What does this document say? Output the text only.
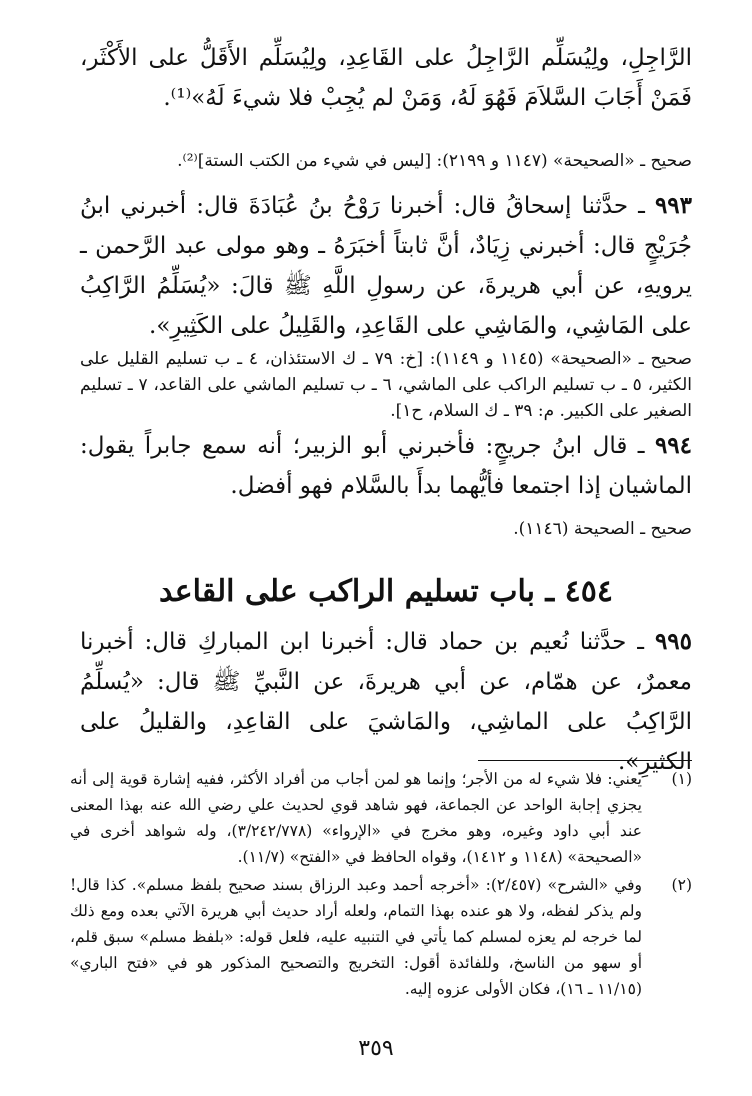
الرَّاجِلِ، ولِيُسَلِّم الرَّاجِلُ على القَاعِدِ، ولِيُسَلِّم الأَقَلُّ على الأَكْثَر، فَمَنْ أَجَابَ السَّلاَمَ فَهُوَ لَهُ، وَمَنْ لم يُجِبْ فلا شيءَ لَهُ»⁽¹⁾.
صحيح ـ «الصحيحة» (١١٤٧ و ٢١٩٩): [ليس في شيء من الكتب الستة]⁽²⁾.
٩٩٣ ـ حدَّثنا إسحاقُ قال: أخبرنا رَوْحُ بنُ عُبَادَةَ قال: أخبرني ابنُ جُرَيْجٍ قال: أخبرني زِيَادٌ، أنَّ ثابتاً أخبَرَهُ ـ وهو مولى عبد الرَّحمن ـ يرويهِ، عن أبي هريرةَ، عن رسولِ اللَّهِ ﷺ قالَ: «يُسَلِّمُ الرَّاكِبُ على المَاشِي، والمَاشِي على القَاعِدِ، والقَلِيلُ على الكَثِيرِ».
صحيح ـ «الصحيحة» (١١٤٥ و ١١٤٩): [خ: ٧٩ ـ ك الاستئذان، ٤ ـ ب تسليم القليل على الكثير، ٥ ـ ب تسليم الراكب على الماشي، ٦ ـ ب تسليم الماشي على القاعد، ٧ ـ تسليم الصغير على الكبير. م: ٣٩ ـ ك السلام، ح١].
٩٩٤ ـ قال ابنُ جريجٍ: فأخبرني أبو الزبير؛ أنه سمع جابراً يقول: الماشيان إذا اجتمعا فأيُّهما بدأَ بالسَّلام فهو أفضل.
صحيح ـ الصحيحة (١١٤٦).
٤٥٤ ـ باب تسليم الراكب على القاعد
٩٩٥ ـ حدَّثنا نُعيم بن حماد قال: أخبرنا ابن المباركِ قال: أخبرنا معمرٌ، عن همّام، عن أبي هريرةَ، عن النَّبيِّ ﷺ قال: «يُسلِّمُ الرَّاكِبُ على الماشِي، والمَاشيَ على القاعِدِ، والقليلُ على الكثيرِ».
(١)
يعني: فلا شيء له من الأجر؛ وإنما هو لمن أجاب من أفراد الأكثر، ففيه إشارة قوية إلى أنه يجزي إجابة الواحد عن الجماعة، فهو شاهد قوي لحديث علي رضي الله عنه بهذا المعنى عند أبي داود وغيره، وهو مخرج في «الإرواء» (٣/٢٤٢/٧٧٨)، وله شواهد أخرى في «الصحيحة» (١١٤٨ و ١٤١٢)، وقواه الحافظ في «الفتح» (١١/٧).
(٢)
وفي «الشرح» (٢/٤٥٧): «أخرجه أحمد وعبد الرزاق بسند صحيح بلفظ مسلم». كذا قال! ولم يذكر لفظه، ولا هو عنده بهذا التمام، ولعله أراد حديث أبي هريرة الآتي بعده ومع ذلك لما خرجه لم يعزه لمسلم كما يأتي في التنبيه عليه، فلعل قوله: «بلفظ مسلم» سبق قلم، أو سهو من الناسخ، وللفائدة أقول: التخريج والتصحيح المذكور هو في «فتح الباري» (١١/١٥ ـ ١٦)، فكان الأولى عزوه إليه.
٣٥٩
